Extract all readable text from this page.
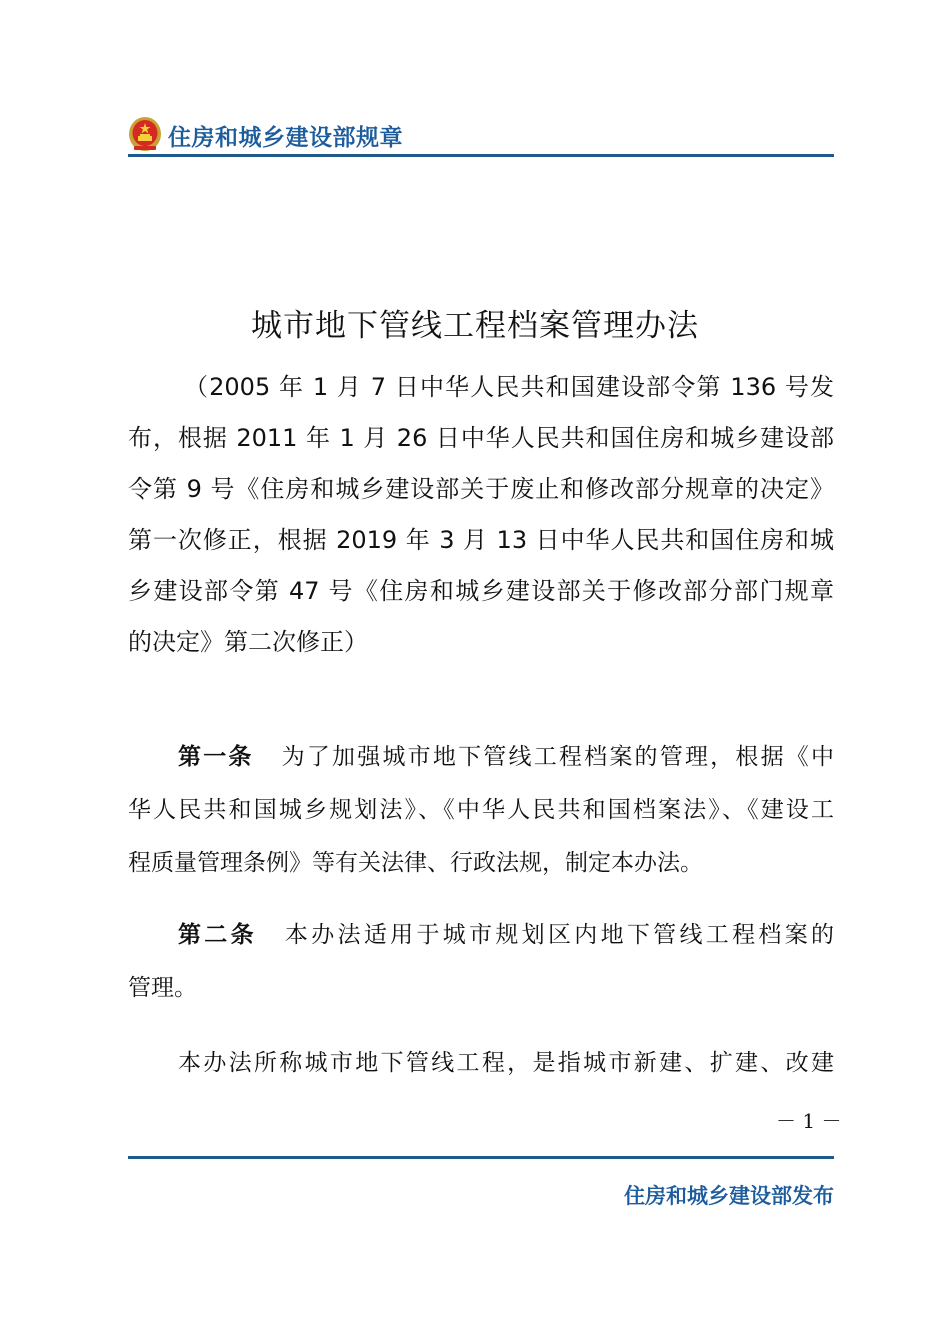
住房和城乡建设部规章
城市地下管线工程档案管理办法
（2005 年 1 月 7 日中华人民共和国建设部令第 136 号发
布，根据 2011 年 1 月 26 日中华人民共和国住房和城乡建设部
令第 9 号《住房和城乡建设部关于废止和修改部分规章的决定》
第一次修正，根据 2019 年 3 月 13 日中华人民共和国住房和城
乡建设部令第 47 号《住房和城乡建设部关于修改部分部门规章
的决定》第二次修正）
第一条 为了加强城市地下管线工程档案的管理，根据《中
华人民共和国城乡规划法》、《中华人民共和国档案法》、《建设工
程质量管理条例》等有关法律、行政法规，制定本办法。
第二条 本办法适用于城市规划区内地下管线工程档案的
管理。
本办法所称城市地下管线工程，是指城市新建、扩建、改建
－ 1 －
住房和城乡建设部发布
